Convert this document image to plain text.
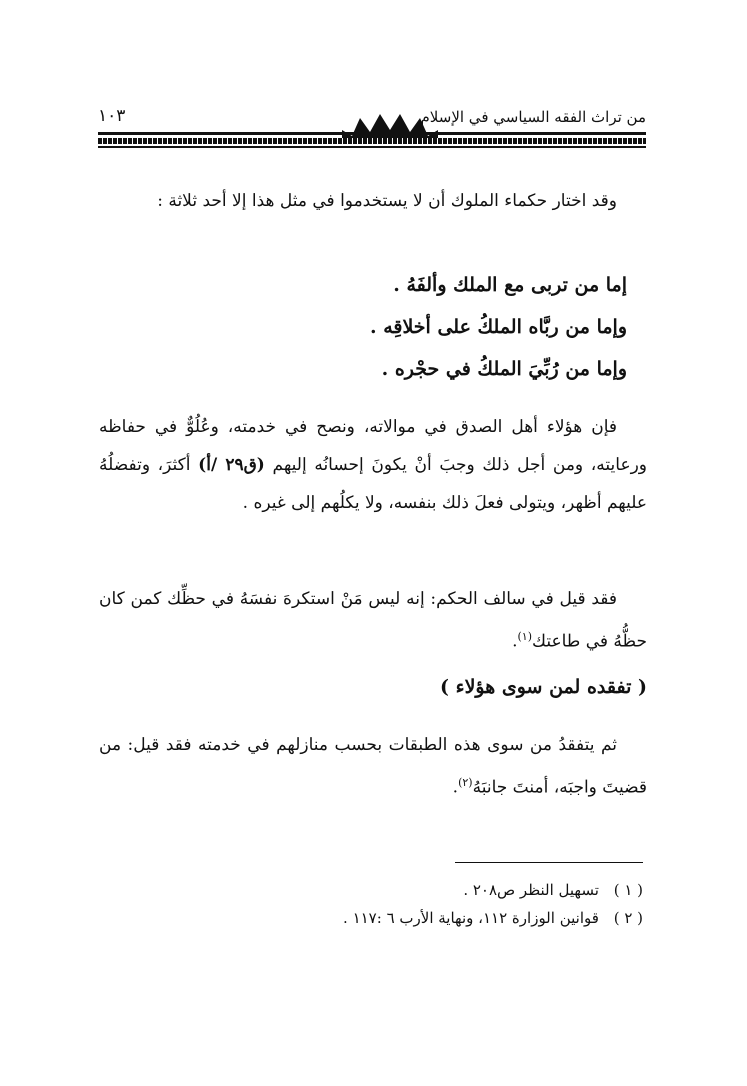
من تراث الفقه السياسي في الإسلام
١٠٣

وقد اختار حكماء الملوك أن لا يستخدموا في مثل هذا إلا أحد ثلاثة :

إما من تربى مع الملك وألفَهُ .
وإما من ربَّاه الملكُ على أخلاقِه .
وإما من رُبِّيَ الملكُ في حجْره .

فإن هؤلاء أهل الصدق في موالاته، ونصح في خدمته، وعُلُوٌّ في حفاظه ورعايته، ومن أجل ذلك وجبَ أنْ يكونَ إحسانُه إليهم (ق٢٩ /أ) أكثرَ، وتفضلُهُ عليهم أظهر، ويتولى فعلَ ذلك بنفسه، ولا يكلُهم إلى غيره .

فقد قيل في سالف الحكم: إنه ليس مَنْ استكرهَ نفسَهُ في حظِّك كمن كان حظُّهُ في طاعتك$^{(١)}$.

( تفقده لمن سوى هؤلاء )

ثم يتفقدُ من سوى هذه الطبقات بحسب منازلهم في خدمته فقد قيل: من قضيتَ واجبَه، أمنتَ جانبَهُ$^{(٢)}$.

( ١ ) تسهيل النظر ص٢٠٨ .
( ٢ ) قوانين الوزارة ١١٢، ونهاية الأرب ٦ :١١٧ .
